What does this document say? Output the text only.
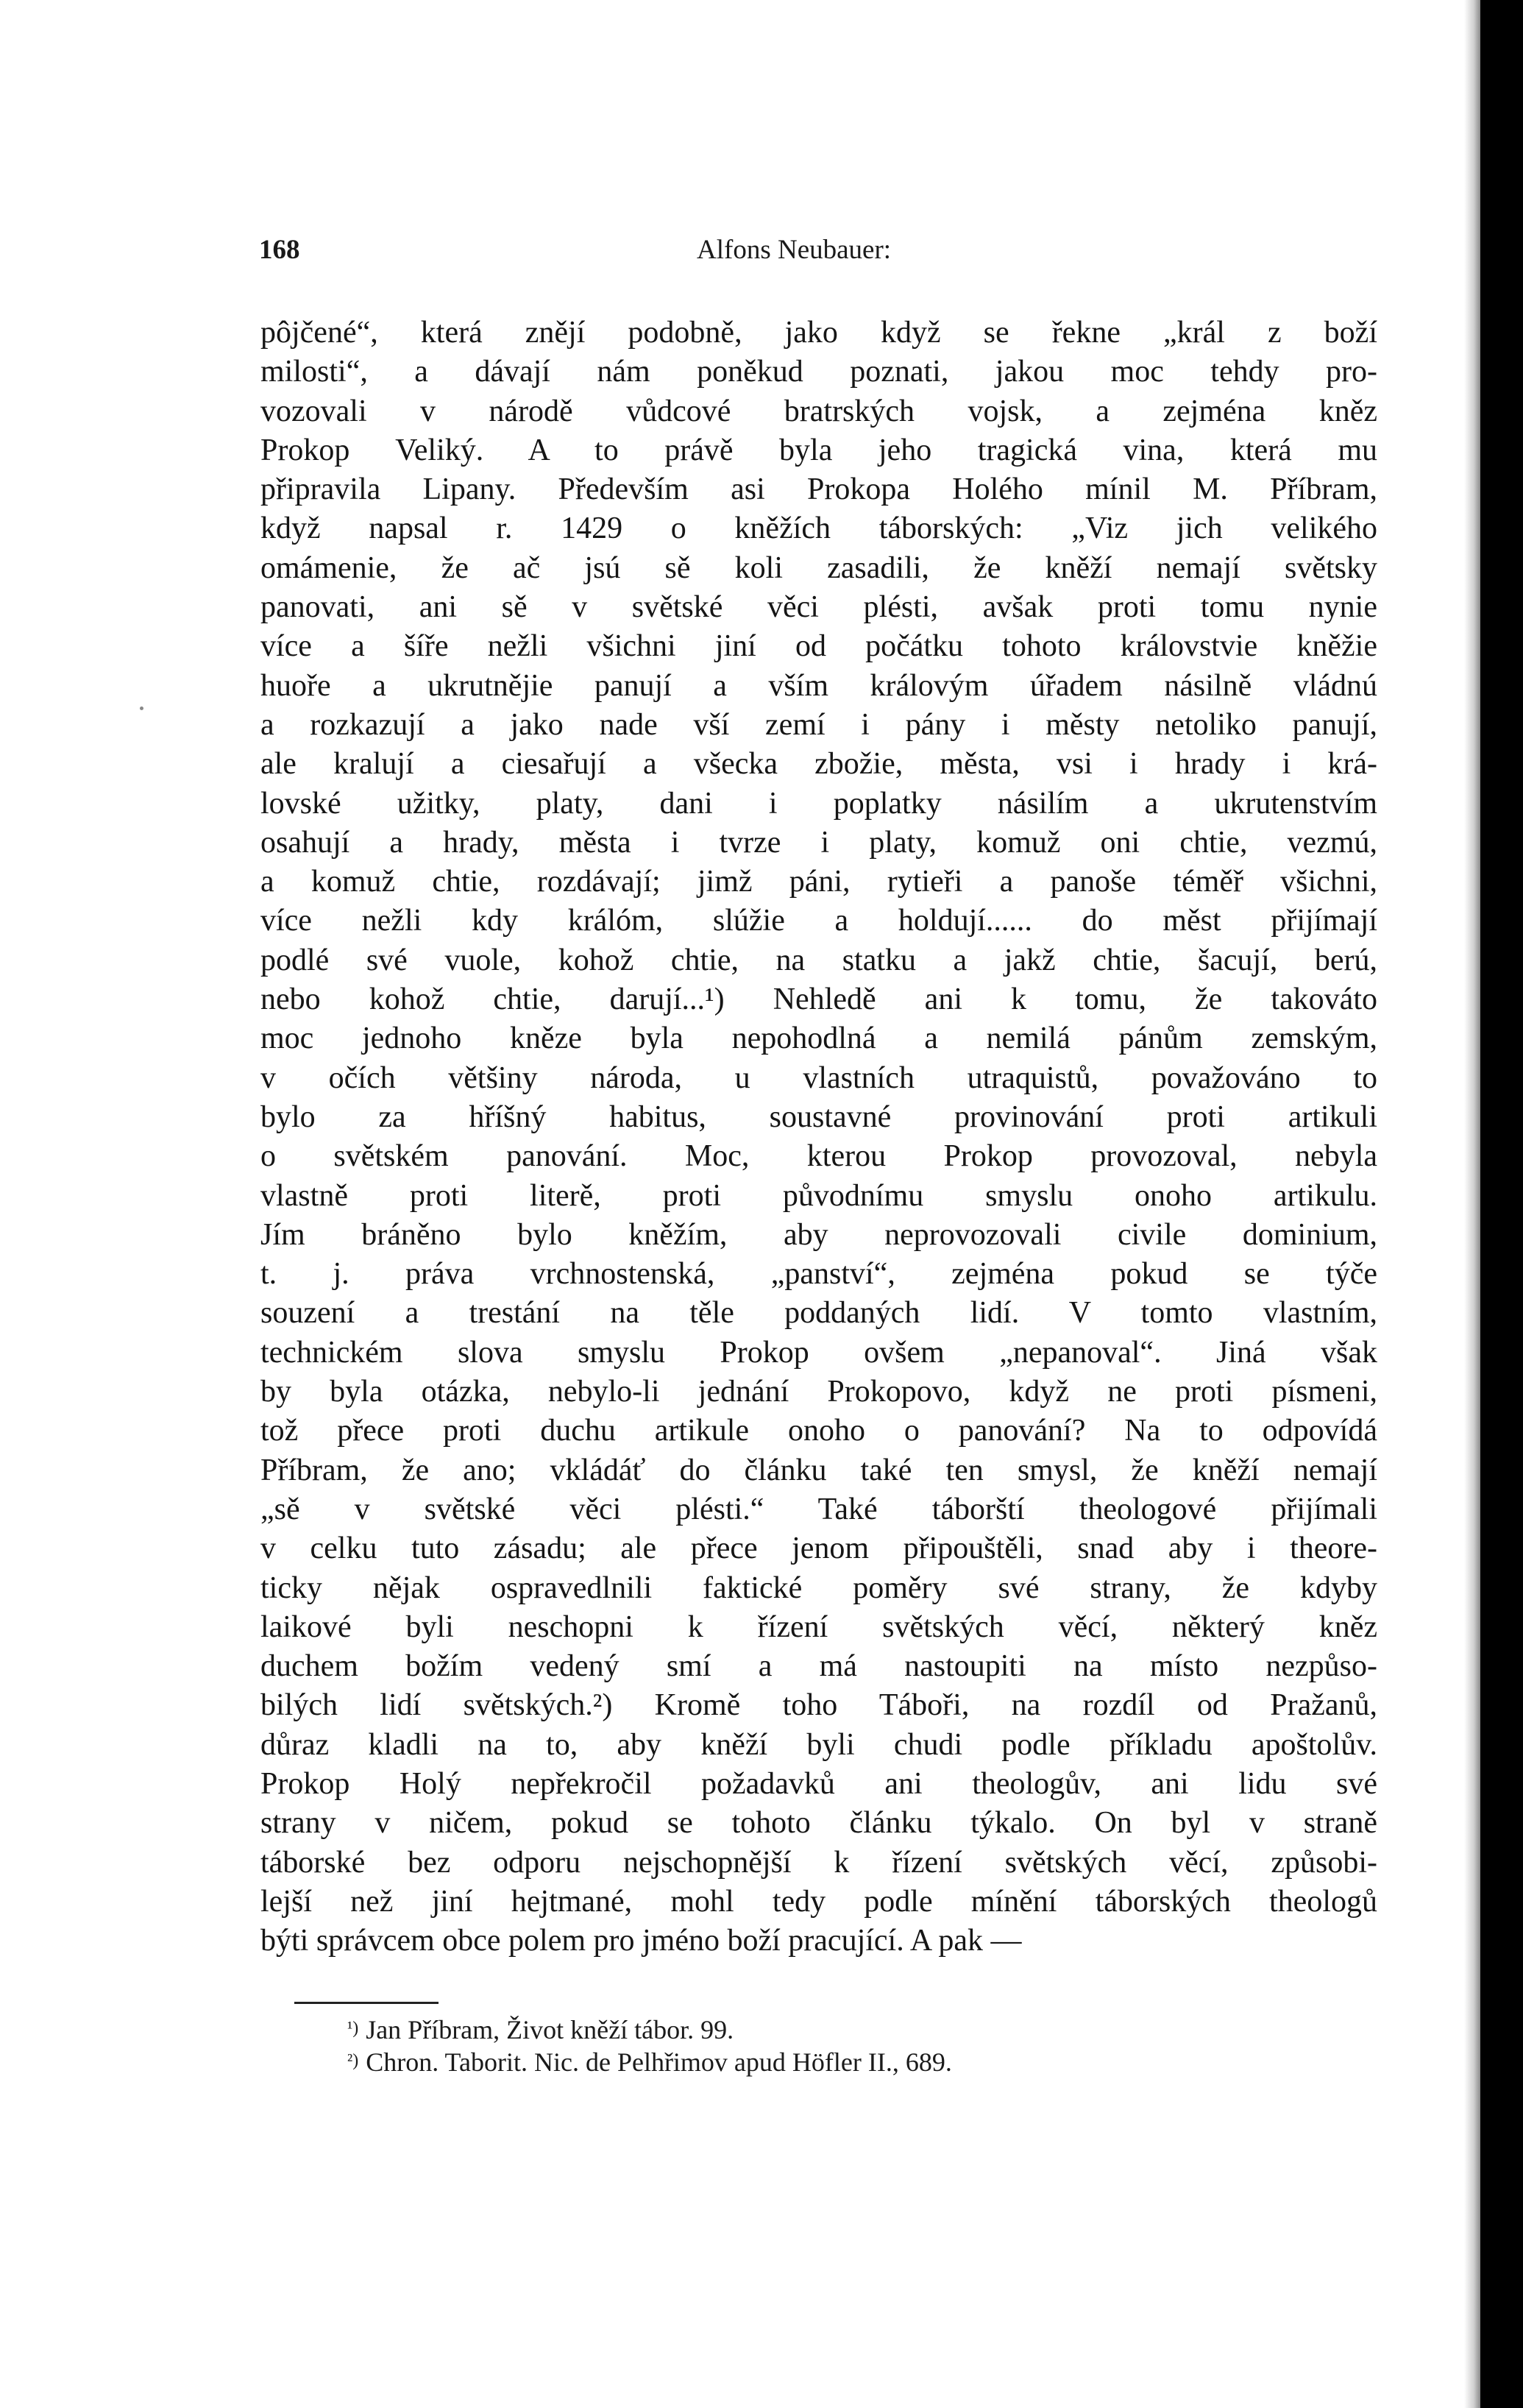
168	Alfons Neubauer:
pôjčené“, která znějí podobně, jako když se řekne „král z boží
milosti“, a dávají nám poněkud poznati, jakou moc tehdy pro-
vozovali v národě vůdcové bratrských vojsk, a zejména kněz
Prokop Veliký. A to právě byla jeho tragická vina, která mu
připravila Lipany. Především asi Prokopa Holého mínil M. Příbram,
když napsal r. 1429 o kněžích táborských: „Viz jich velikého
omámenie, že ač jsú sě koli zasadili, že kněží nemají světsky
panovati, ani sě v světské věci plésti, avšak proti tomu nynie
více a šíře nežli všichni jiní od počátku tohoto královstvie kněžie
huoře a ukrutnějie panují a vším královým úřadem násilně vládnú
a rozkazují a jako nade vší zemí i pány i městy netoliko panují,
ale kralují a ciesařují a všecka zbožie, města, vsi i hrady i krá-
lovské užitky, platy, dani i poplatky násilím a ukrutenstvím
osahují a hrady, města i tvrze i platy, komuž oni chtie, vezmú,
a komuž chtie, rozdávají; jimž páni, rytieři a panoše téměř všichni,
více nežli kdy králóm, slúžie a holdují...... do měst přijímají
podlé své vuole, kohož chtie, na statku a jakž chtie, šacují, berú,
nebo kohož chtie, darují...¹) Nehledě ani k tomu, že takováto
moc jednoho kněze byla nepohodlná a nemilá pánům zemským,
v očích většiny národa, u vlastních utraquistů, považováno to
bylo za hříšný habitus, soustavné provinování proti artikuli
o světském panování. Moc, kterou Prokop provozoval, nebyla
vlastně proti literě, proti původnímu smyslu onoho artikulu.
Jím bráněno bylo kněžím, aby neprovozovali civile dominium,
t. j. práva vrchnostenská, „panství“, zejména pokud se týče
souzení a trestání na těle poddaných lidí. V tomto vlastním,
technickém slova smyslu Prokop ovšem „nepanoval“. Jiná však
by byla otázka, nebylo-li jednání Prokopovo, když ne proti písmeni,
tož přece proti duchu artikule onoho o panování? Na to odpovídá
Příbram, že ano; vkládáť do článku také ten smysl, že kněží nemají
„sě v světské věci plésti.“ Také táborští theologové přijímali
v celku tuto zásadu; ale přece jenom připouštěli, snad aby i theore-
ticky nějak ospravedlnili faktické poměry své strany, že kdyby
laikové byli neschopni k řízení světských věcí, některý kněz
duchem božím vedený smí a má nastoupiti na místo nezpůso-
bilých lidí světských.²) Kromě toho Táboři, na rozdíl od Pražanů,
důraz kladli na to, aby kněží byli chudi podle příkladu apoštolův.
Prokop Holý nepřekročil požadavků ani theologův, ani lidu své
strany v ničem, pokud se tohoto článku týkalo. On byl v straně
táborské bez odporu nejschopnější k řízení světských věcí, způsobi-
lejší než jiní hejtmané, mohl tedy podle mínění táborských theologů
býti správcem obce polem pro jméno boží pracující. A pak —
$^{^1)}$ Jan Příbram, Život kněží tábor. 99.
$^{^2)}$ Chron. Taborit. Nic. de Pelhřimov apud Höfler II., 689.
